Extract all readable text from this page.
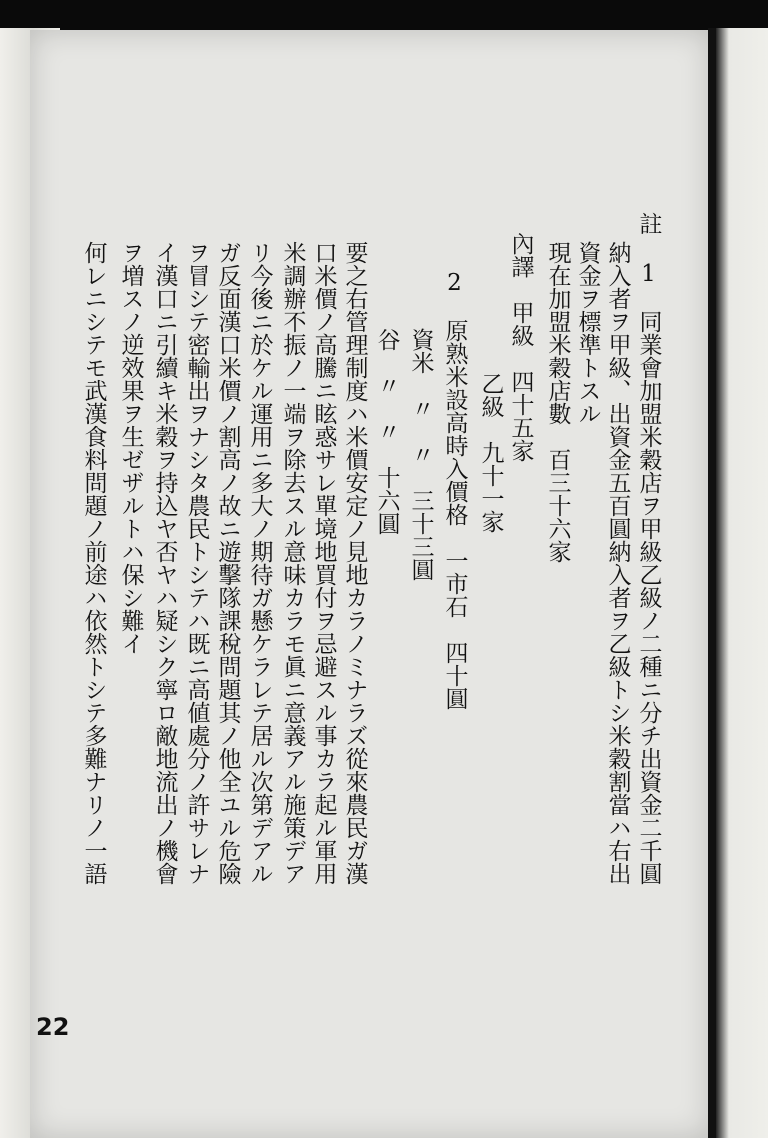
註 1　同業會加盟米穀店ヲ甲級乙級ノ二種ニ分チ出資金二千圓
納入者ヲ甲級、出資金五百圓納入者ヲ乙級トシ米穀割當ハ右出
資金ヲ標準トスル
現在加盟米穀店數　百三十六家
內譯　甲級　四十五家
乙級　九十一家
2　原熟米設高時入價格　一市石　四十圓
資米　〃　〃　三十三圓
谷　〃　〃　十六圓
要之右管理制度ハ米價安定ノ見地カラノミナラズ從來農民ガ漢
口米價ノ高騰ニ眩惑サレ單境地買付ヲ忌避スル事カラ起ル軍用
米調辦不振ノ一端ヲ除去スル意味カラモ眞ニ意義アル施策デア
リ今後ニ於ケル運用ニ多大ノ期待ガ懸ケラレテ居ル次第デアル
ガ反面漢口米價ノ割高ノ故ニ遊擊隊課稅問題其ノ他全ユル危險
ヲ冒シテ密輸出ヲナシタ農民トシテハ既ニ高値處分ノ許サレナ
イ漢口ニ引續キ米穀ヲ持込ヤ否ヤハ疑シク寧ロ敵地流出ノ機會
ヲ増スノ逆效果ヲ生ゼザルトハ保シ難イ
何レニシテモ武漢食料問題ノ前途ハ依然トシテ多難ナリノ一語
22
